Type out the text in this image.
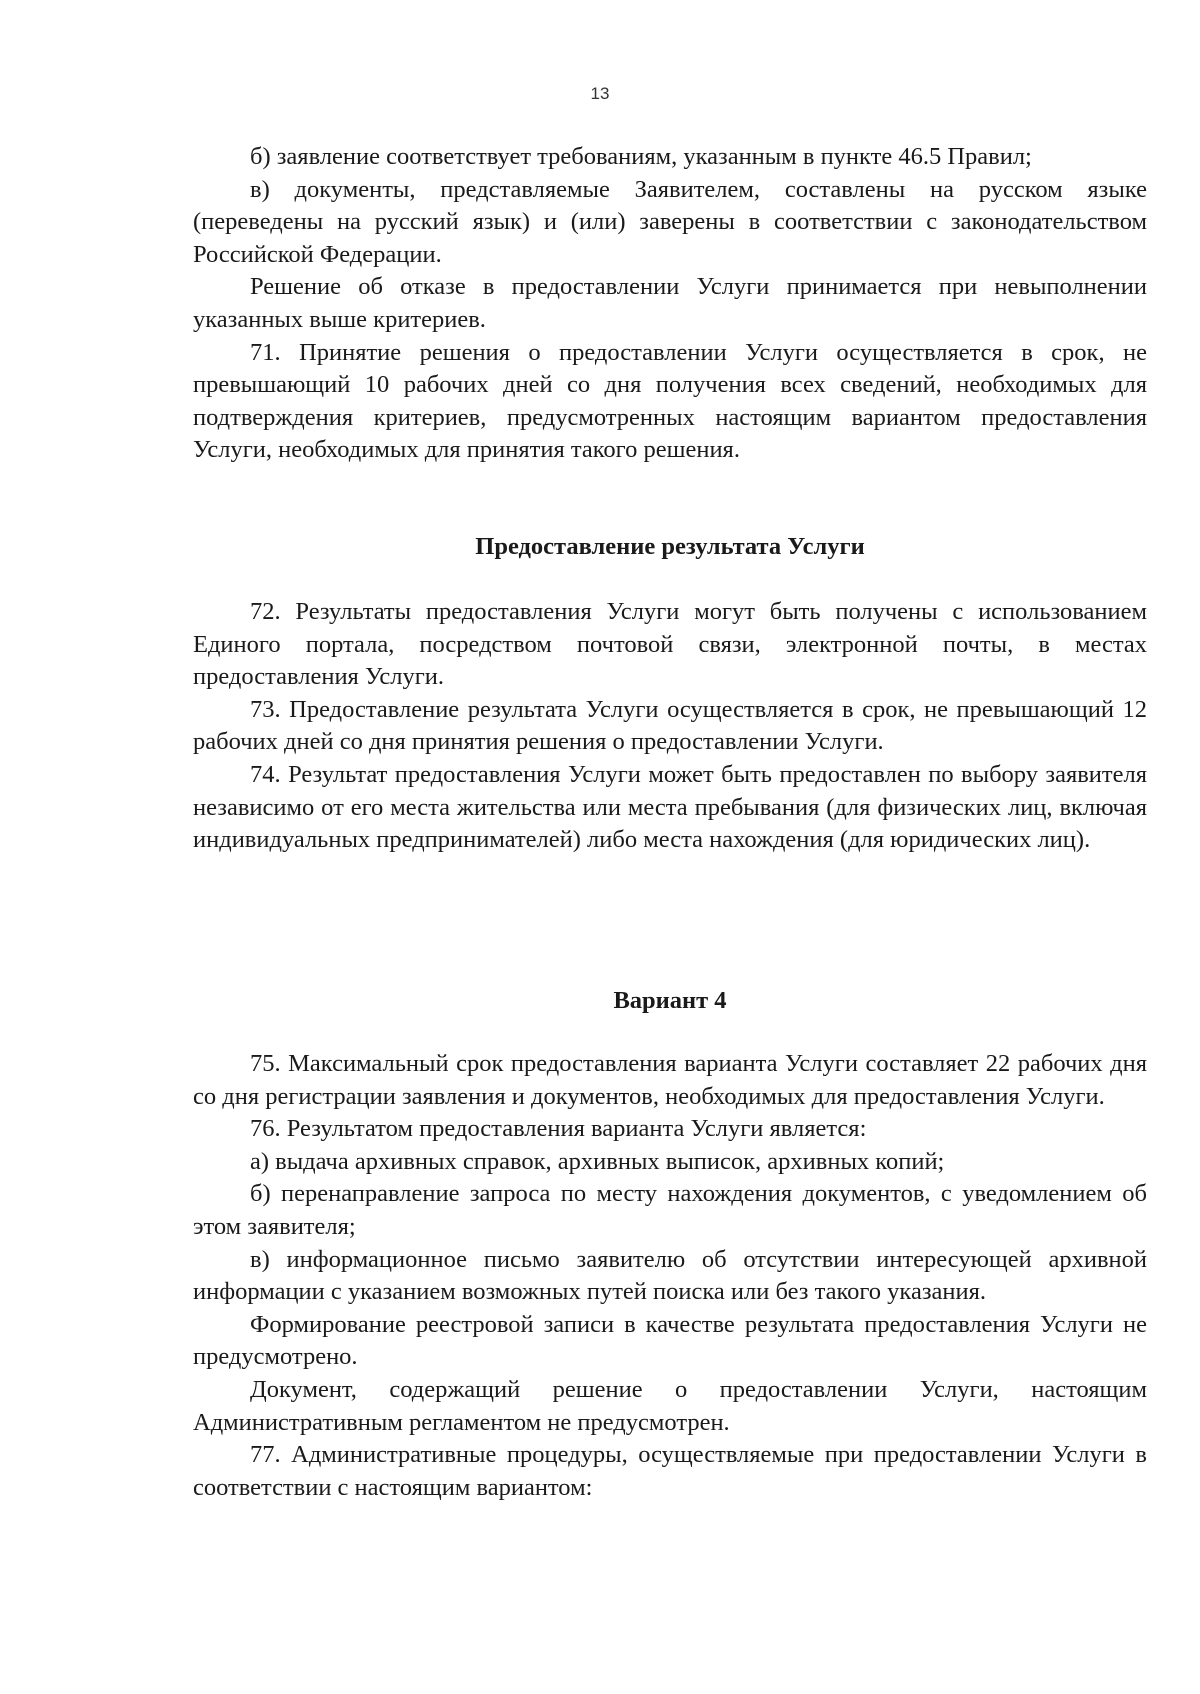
13

б) заявление соответствует требованиям, указанным в пункте 46.5 Правил;

в) документы, представляемые Заявителем, составлены на русском языке (переведены на русский язык) и (или) заверены в соответствии с законодательством Российской Федерации.

Решение об отказе в предоставлении Услуги принимается при невыполнении указанных выше критериев.

71. Принятие решения о предоставлении Услуги осуществляется в срок, не превышающий 10 рабочих дней со дня получения всех сведений, необходимых для подтверждения критериев, предусмотренных настоящим вариантом предоставления Услуги, необходимых для принятия такого решения.

Предоставление результата Услуги

72. Результаты предоставления Услуги могут быть получены с использованием Единого портала, посредством почтовой связи, электронной почты, в местах предоставления Услуги.

73. Предоставление результата Услуги осуществляется в срок, не превышающий 12 рабочих дней со дня принятия решения о предоставлении Услуги.

74. Результат предоставления Услуги может быть предоставлен по выбору заявителя независимо от его места жительства или места пребывания (для физических лиц, включая индивидуальных предпринимателей) либо места нахождения (для юридических лиц).

Вариант 4

75. Максимальный срок предоставления варианта Услуги составляет 22 рабочих дня со дня регистрации заявления и документов, необходимых для предоставления Услуги.

76. Результатом предоставления варианта Услуги является:

а) выдача архивных справок, архивных выписок, архивных копий;

б) перенаправление запроса по месту нахождения документов, с уведомлением об этом заявителя;

в) информационное письмо заявителю об отсутствии интересующей архивной информации с указанием возможных путей поиска или без такого указания.

Формирование реестровой записи в качестве результата предоставления Услуги не предусмотрено.

Документ, содержащий решение о предоставлении Услуги, настоящим Административным регламентом не предусмотрен.

77. Административные процедуры, осуществляемые при предоставлении Услуги в соответствии с настоящим вариантом:
